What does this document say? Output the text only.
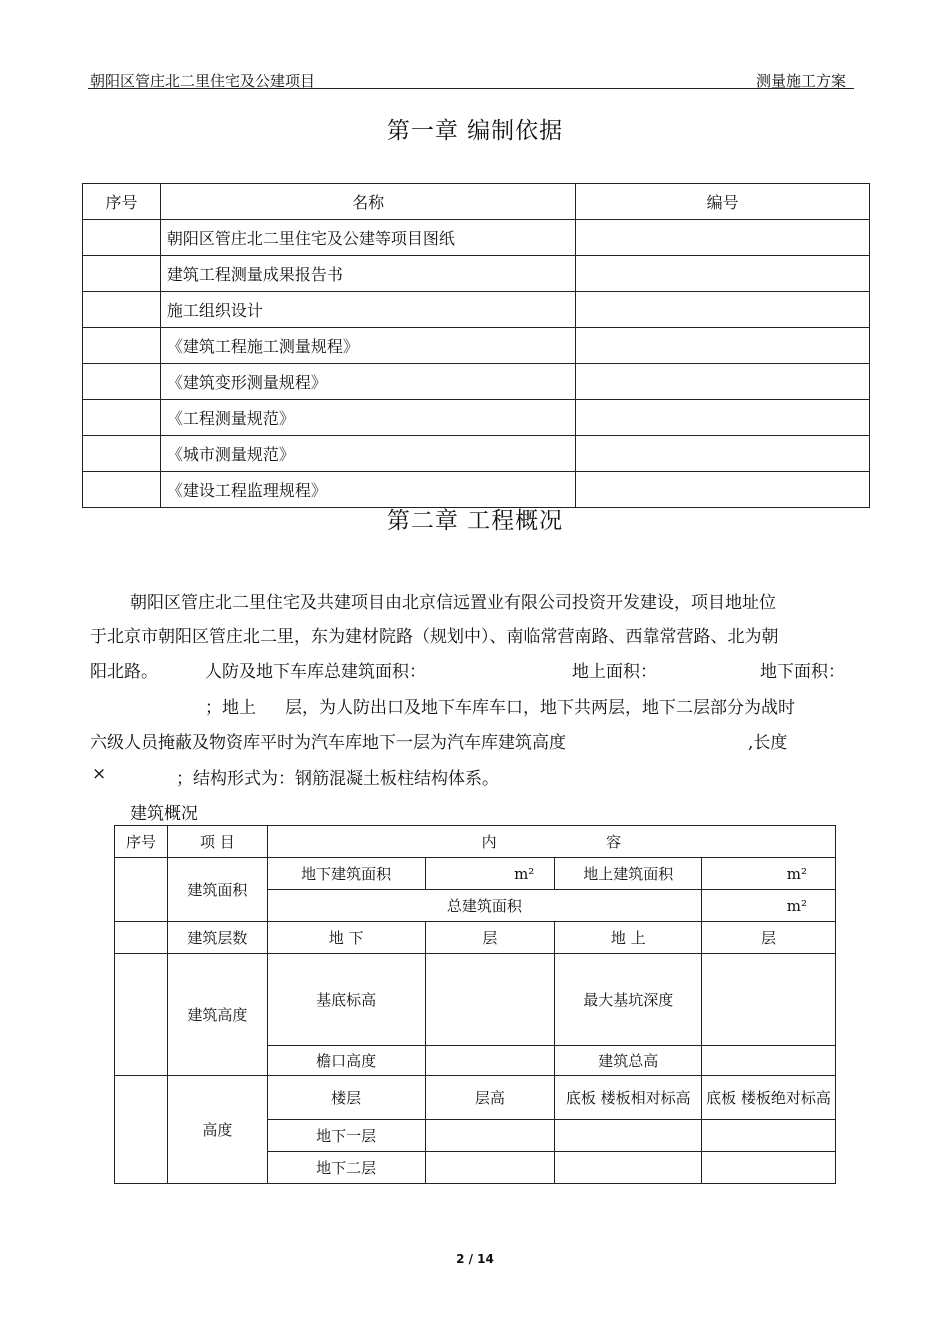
朝阳区管庄北二里住宅及公建项目	测量施工方案
第一章 编制依据
序号	名称	编号
	朝阳区管庄北二里住宅及公建等项目图纸	
	建筑工程测量成果报告书	
	施工组织设计	
	《建筑工程施工测量规程》	
	《建筑变形测量规程》	
	《工程测量规范》	
	《城市测量规范》	
	《建设工程监理规程》	
第二章 工程概况
朝阳区管庄北二里住宅及共建项目由北京信远置业有限公司投资开发建设，项目地址位
于北京市朝阳区管庄北二里，东为建材院路（规划中）、南临常营南路、西靠常营路、北为朝
阳北路。	人防及地下车库总建筑面积：	地上面积：	地下面积：
；地上 层，为人防出口及地下车库车口，地下共两层，地下二层部分为战时
六级人员掩蔽及物资库平时为汽车库地下一层为汽车库建筑高度	,长度
×	；结构形式为：钢筋混凝土板柱结构体系。
建筑概况
序号	项 目	内 容			
	建筑面积	地下建筑面积	m²	地上建筑面积	m²
		总建筑面积			m²
	建筑层数	地 下	层	地 上	层
	建筑高度	基底标高		最大基坑深度	
		檐口高度		建筑总高	
	高度	楼层	层高	底板 楼板相对标高	底板 楼板绝对标高
		地下一层			
		地下二层			
2 / 14
